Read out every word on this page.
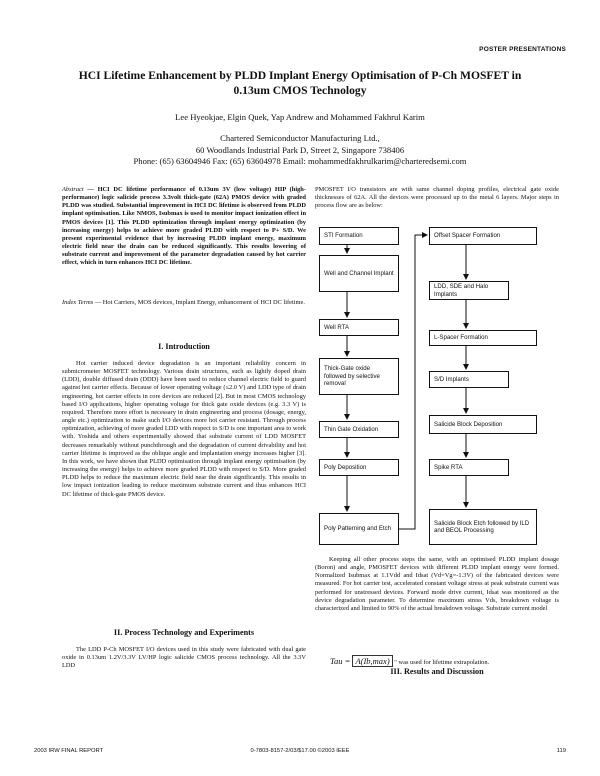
POSTER PRESENTATIONS
HCI Lifetime Enhancement by PLDD Implant Energy Optimisation of P-Ch MOSFET in
0.13um CMOS Technology
Lee Hyeokjae, Elgin Quek, Yap Andrew and Mohammed Fakhrul Karim
Chartered Semiconductor Manufacturing Ltd.,
60 Woodlands Industrial Park D, Street 2, Singapore 738406
Phone: (65) 63604946 Fax: (65) 63604978 Email: mohammedfakhrulkarim@charteredsemi.com
Abstract — HCI DC lifetime performance of 0.13um 3V (low voltage) HIP (high-performance) logic salicide process 3.3volt thick-gate (62A) PMOS device with graded PLDD was studied. Substantial improvement in HCI DC lifetime is observed from PLDD implant optimisation. Like NMOS, Isubmax is used to monitor impact ionization effect in PMOS devices [1]. This PLDD optimization through implant energy optimization (by increasing energy) helps to achieve more graded PLDD with respect to P+ S/D. We present experimental evidence that by increasing PLDD implant energy, maximum electric field near the drain can be reduced significantly. This results lowering of substrate current and improvement of the parameter degradation caused by hot carrier effect, which in turn enhances HCI DC lifetime.
Index Terms — Hot Carriers, MOS devices, Implant Energy, enhancement of HCI DC lifetime.
I. Introduction
Hot carrier induced device degradation is an important reliability concern in submicrometer MOSFET technology. Various drain structures, such as lightly doped drain (LDD), double diffused drain (DDD) have been used to reduce channel electric field to guard against hot carrier effects. Because of lower operating voltage (≤2.0 V) and LDD type of drain engineering, hot carrier effects in core devices are reduced [2]. But in most CMOS technology based I/O applications, higher operating voltage for thick gate oxide devices (e.g. 3.3 V) is required. Therefore more effort is necessary in drain engineering and process (dosage, energy, angle etc.) optimization to make such I/O devices more hot carrier resistant. Through process optimization, achieving of more graded LDD with respect to S/D is one important area to work with. Yoshida and others experimentally showed that substrate current of LDD MOSFET decreases remarkably without punchthrough and the degradation of current drivability and hot carrier lifetime is improved as the oblique angle and implantation energy increases higher [3]. In this work, we have shown that PLDD optimisation through implant energy optimisation (by increasing the energy) helps to achieve more graded PLDD with respect to S/D. More graded PLDD helps to reduce the maximum electric field near the drain significantly. This results in low impact ionization leading to reduce maximum substrate current and thus enhances HCI DC lifetime of thick-gate PMOS device.
II. Process Technology and Experiments
The LDD P-Ch MOSFET I/O devices used in this study were fabricated with dual gate oxide in 0.13um 1.2V/3.3V LV/HP logic salicide CMOS process technology. All the 3.3V LDD
PMOSFET I/O transistors are with same channel doping profiles, electrical gate oxide thicknesses of 62A. All the devices were processed up to the metal 6 layers. Major steps in process flow are as below:
STI Formation
Well and Channel Implant
Well RTA
Thick-Gate oxide followed by selective removal
Thin Gate Oxidation
Poly Deposition
Poly Patterning and Etch
Offset Spacer Formation
LDD, SDE and Halo Implants
L-Spacer Formation
S/D Implants
Salicide Block Deposition
Spike RTA
Salicide Block Etch followed by ILD and BEOL Processing
Keeping all other process steps the same, with an optimised PLDD implant dosage (Boron) and angle, PMOSFET devices with different PLDD implant energy were formed. Normalized Isubmax at 1.1Vdd and Idsat (Vd=Vg=-1.3V) of the fabricated devices were measured. For hot carrier test, accelerated constant voltage stress at peak substrate current was performed for unstressed devices. Forward mode drive current, Idsat was monitored as the device degradation parameter. To determine maximum stress Vds, breakdown voltage is characterized and limited to 90% of the actual breakdown voltage. Substrate current model
Tau = A(Ib,max) " was used for lifetime extrapolation.
III. Results and Discussion
2003 IRW FINAL REPORT	0-7803-8157-2/03/$17.00 ©2003 IEEE	119
